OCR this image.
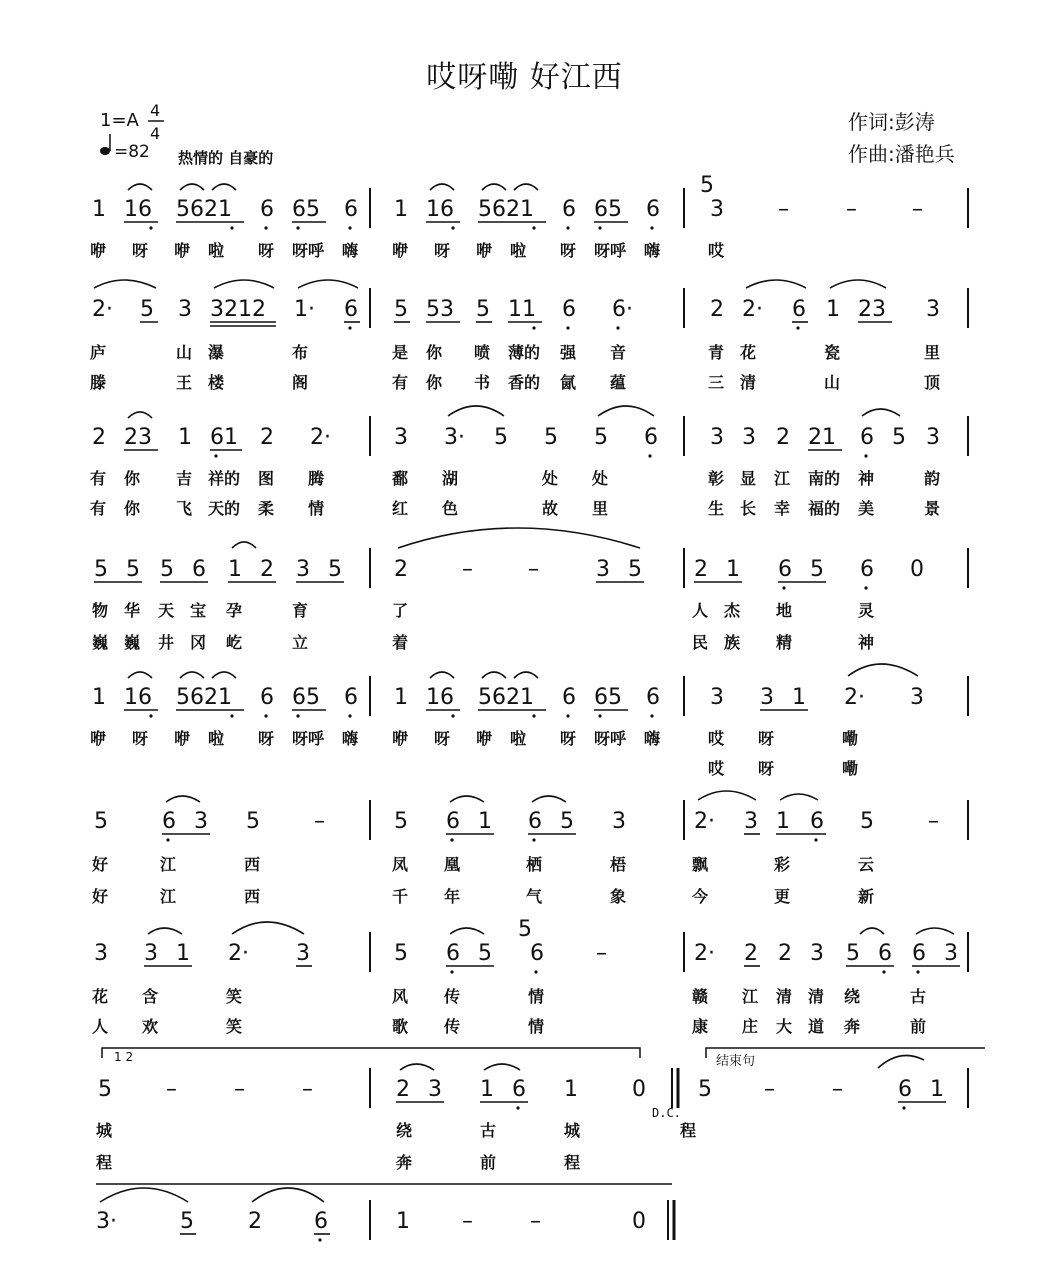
哎呀嘞 好江西
1=A 4
4
=82 热情的 自豪的
作词:彭涛
作曲:潘艳兵
1 16 5621 6 65 6 1 16 5621 6 65 6 3 –	–	–
5
2· 5 3 3212 1· 6 5 53 5 11 6 6·	2 2· 6 1 23 3
2 23 1 61 2 2·	3 3· 5 5 5 6 3 3 2 21 6 5 3
5 5 5 6 1 2 3 5 2 –	–	3 5 2 1 6 5 6 0
1 16 5621 6 65 6 1 16 5621 6 65 6 3 3 1 2· 3
5 6 3 5 –	5 6 1 6 5 3	2· 3 1 6 5 –
3 3 1 2· 3	5 6 5 6 –
5
2· 2 2 3 5 6 6 3
5 –	–	–	2 3 1 6 1 0 5 –	–	6 1
3·	5 2 6	1 –	–	0
咿 呀 咿 啦 呀 呀呼 嗨 咿 呀 咿 啦 呀 呀呼 嗨	哎
庐	山 瀑	布	是 你 喷 薄的 强 音	青 花	瓷	里
滕	王 楼	阁	有 你 书 香的 氤 蕴	三 清	山	顶
有 你 吉 祥的 图 腾	鄱 湖	处 处	彰 显 江 南的 神	韵
有 你 飞 天的 柔 情	红 色	故 里	生 长 幸 福的 美	景
物 华 天 宝 孕	育	了	人 杰 地	灵
巍 巍 井 冈 屹	立	着	民 族 精	神
咿 呀 咿 啦 呀 呀呼 嗨 咿 呀 咿 啦 呀 呀呼 嗨	哎 呀	嘞
哎 呀	嘞
好	江	西	凤 凰	栖	梧	飘	彩	云
好	江	西	千 年	气	象	今	更	新
花 含	笑	风 传	情	赣 江 清 清 绕	古
人 欢	笑	歌 传	情	康 庄 大 道 奔	前
1 2	结束句
D.C.
城	绕	古	城	程
程	奔	前	程
